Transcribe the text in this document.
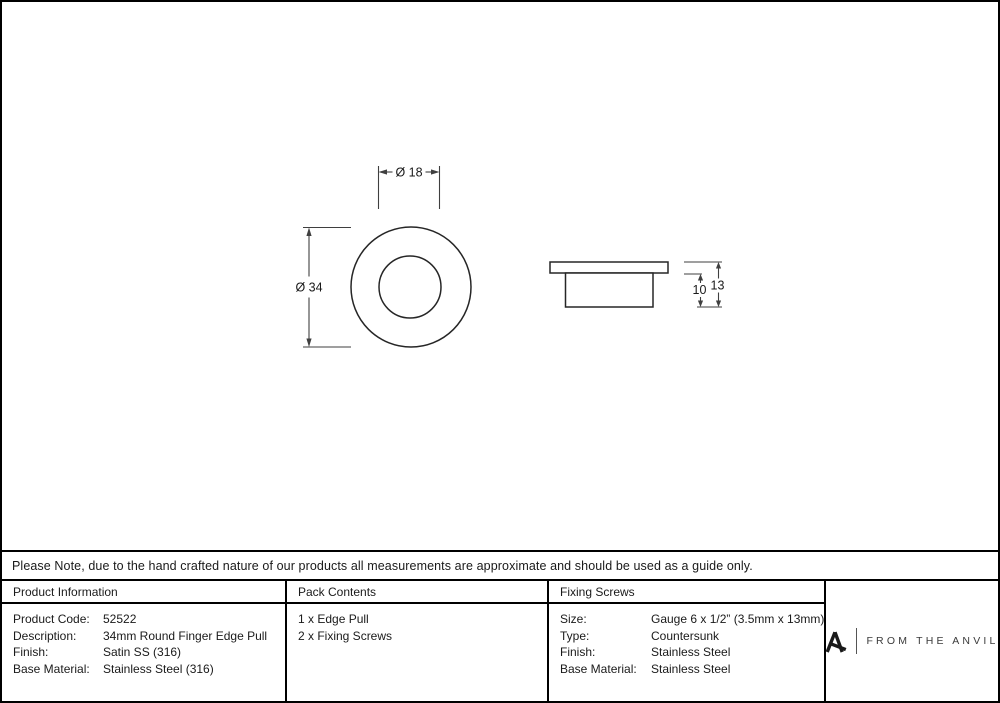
Ø 18
Ø 34	10 13
Please Note, due to the hand crafted nature of our products all measurements are approximate and should be used as a guide only.
Product Information
Product Code:	52522
Description:	34mm Round Finger Edge Pull
Finish:	Satin SS (316)
Base Material:	Stainless Steel (316)
Pack Contents
1 x Edge Pull
2 x Fixing Screws
Fixing Screws
Size:	Gauge 6 x 1/2” (3.5mm x 13mm)
Type:	Countersunk
Finish:	Stainless Steel
Base Material:	Stainless Steel
FROM THE ANVIL
